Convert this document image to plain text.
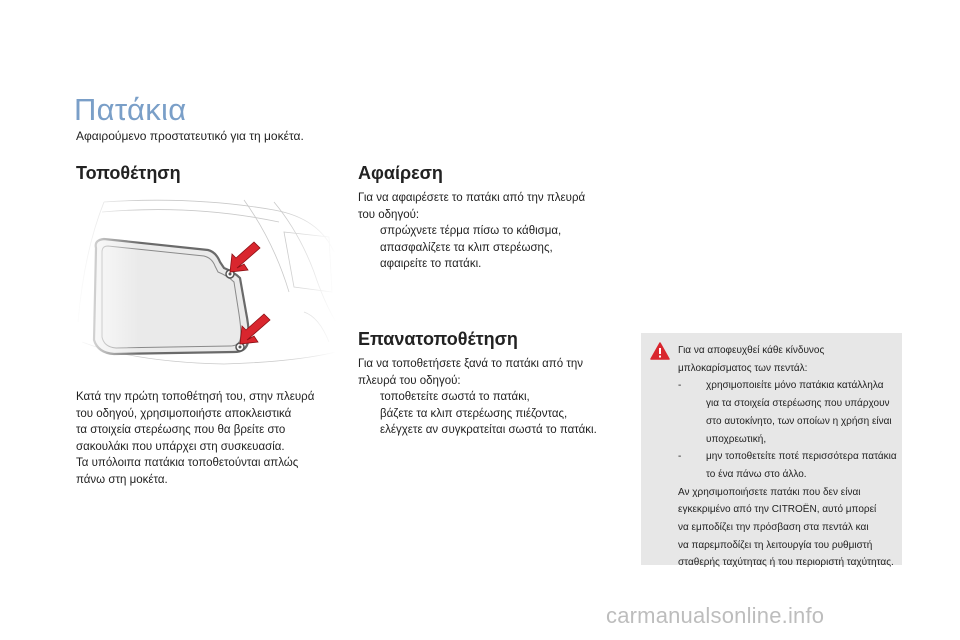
Πατάκια
Αφαιρούμενο προστατευτικό για τη μοκέτα.
Τοποθέτηση

Κατά την πρώτη τοποθέτησή του, στην πλευρά

του οδηγού, χρησιμοποιήστε αποκλειστικά

τα στοιχεία στερέωσης που θα βρείτε στο

σακουλάκι που υπάρχει στη συσκευασία.

Τα υπόλοιπα πατάκια τοποθετούνται απλώς

πάνω στη μοκέτα.

Αφαίρεση

Για να αφαιρέσετε το πατάκι από την πλευρά

του οδηγού:

σπρώχνετε τέρμα πίσω το κάθισμα,
απασφαλίζετε τα κλιπ στερέωσης,
αφαιρείτε το πατάκι.
Επανατοποθέτηση

Για να τοποθετήσετε ξανά το πατάκι από την

πλευρά του οδηγού:

τοποθετείτε σωστά το πατάκι,
βάζετε τα κλιπ στερέωσης πιέζοντας,
ελέγχετε αν συγκρατείται σωστά το πατάκι.

Για να αποφευχθεί κάθε κίνδυνος

μπλοκαρίσματος των πεντάλ:

- χρησιμοποιείτε μόνο πατάκια κατάλληλα

για τα στοιχεία στερέωσης που υπάρχουν

στο αυτοκίνητο, των οποίων η χρήση είναι

υποχρεωτική,

- μην τοποθετείτε ποτέ περισσότερα πατάκια

το ένα πάνω στο άλλο.

Αν χρησιμοποιήσετε πατάκι που δεν είναι

εγκεκριμένο από την CITROËN, αυτό μπορεί

να εμποδίζει την πρόσβαση στα πεντάλ και

να παρεμποδίζει τη λειτουργία του ρυθμιστή

σταθερής ταχύτητας ή του περιοριστή ταχύτητας.

carmanualsonline.info
